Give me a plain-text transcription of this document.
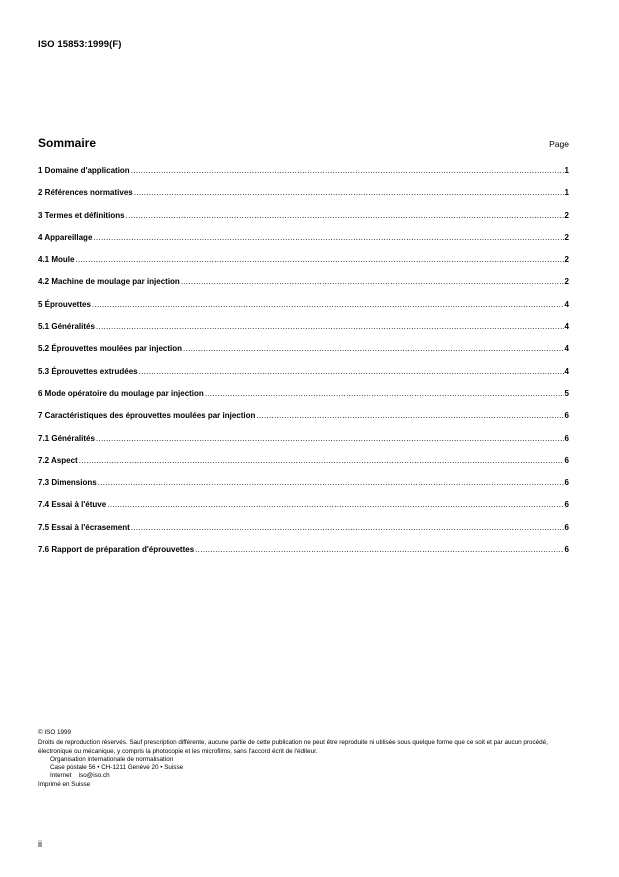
ISO 15853:1999(F)
Sommaire	Page
1 Domaine d'application .....	1
2 Références normatives .....	1
3 Termes et définitions .....	2
4 Appareillage .....	2
4.1 Moule .....	2
4.2 Machine de moulage par injection .....	2
5 Éprouvettes .....	4
5.1 Généralités .....	4
5.2 Éprouvettes moulées par injection .....	4
5.3 Éprouvettes extrudées .....	4
6 Mode opératoire du moulage par injection .....	5
7 Caractéristiques des éprouvettes moulées par injection .....	6
7.1 Généralités .....	6
7.2 Aspect .....	6
7.3 Dimensions .....	6
7.4 Essai à l'étuve .....	6
7.5 Essai à l'écrasement .....	6
7.6 Rapport de préparation d'éprouvettes .....	6
© ISO 1999
Droits de reproduction réservés. Sauf prescription différente, aucune partie de cette publication ne peut être reproduite ni utilisée sous quelque forme que ce soit et par aucun procédé, électronique ou mécanique, y compris la photocopie et les microfilms, sans l'accord écrit de l'éditeur.
Organisation internationale de normalisation
Case postale 56 • CH-1211 Genève 20 • Suisse
Internet iso@iso.ch
Imprimé en Suisse
ii
